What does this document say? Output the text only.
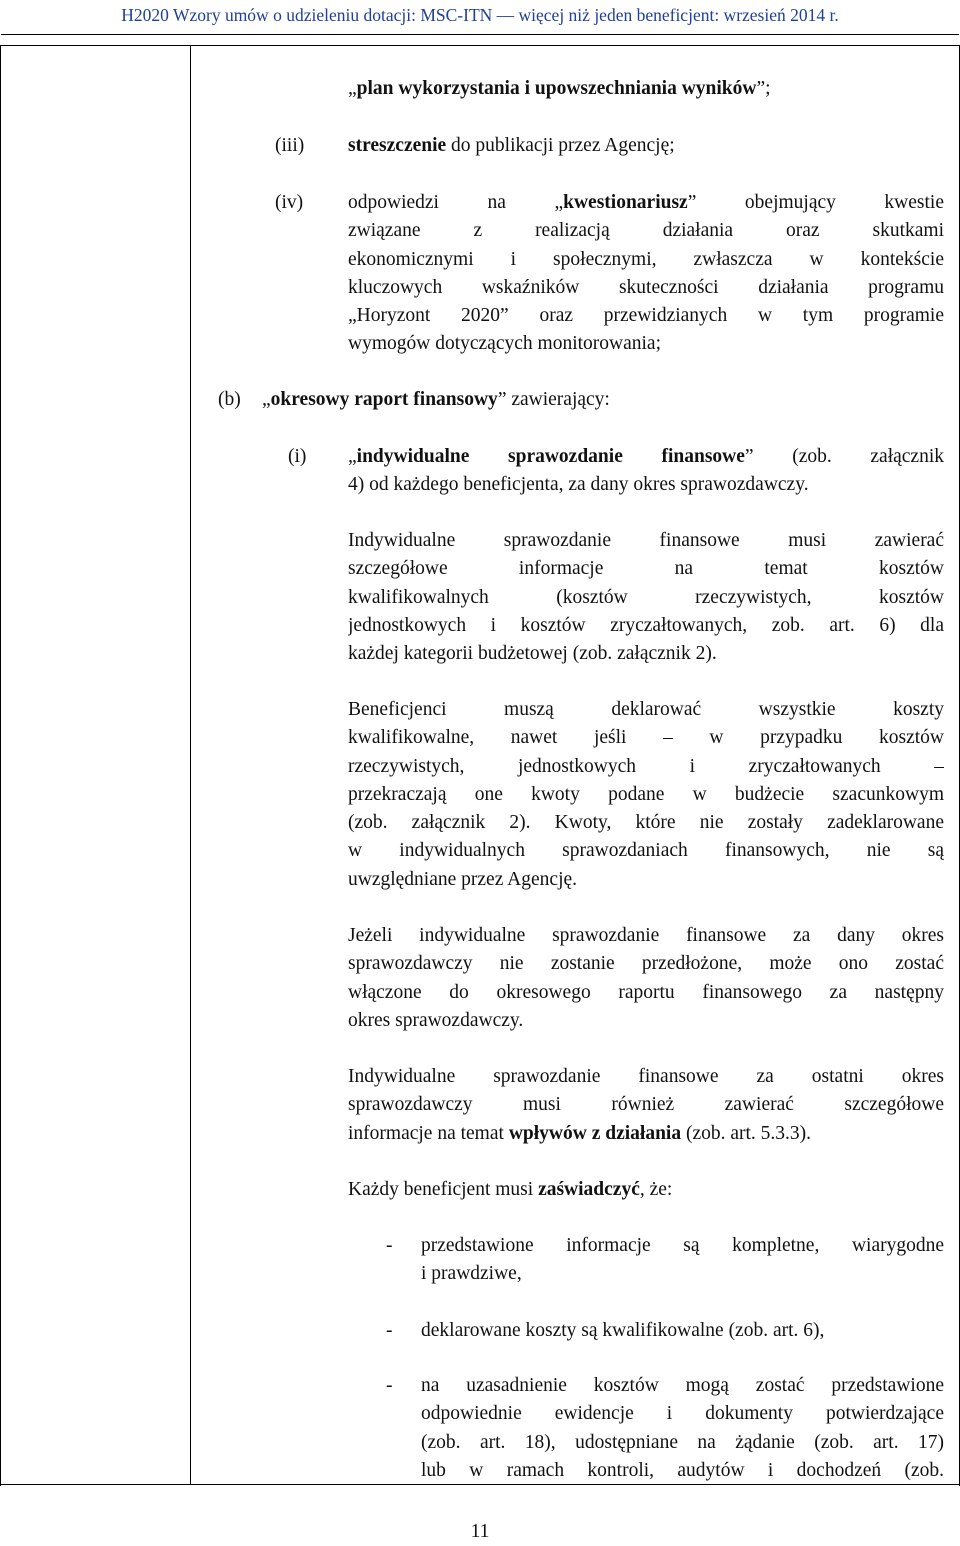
H2020 Wzory umów o udzieleniu dotacji: MSC-ITN — więcej niż jeden beneficjent: wrzesień 2014 r.
„plan wykorzystania i upowszechniania wyników”;
(iii) streszczenie do publikacji przez Agencję;
(iv) odpowiedzi na „kwestionariusz” obejmujący kwestie
związane z realizacją działania oraz skutkami
ekonomicznymi i społecznymi, zwłaszcza w kontekście
kluczowych wskaźników skuteczności działania programu
„Horyzont 2020” oraz przewidzianych w tym programie
wymogów dotyczących monitorowania;
(b) „okresowy raport finansowy” zawierający:
(i) „indywidualne sprawozdanie finansowe” (zob. załącznik
4) od każdego beneficjenta, za dany okres sprawozdawczy.
Indywidualne sprawozdanie finansowe musi zawierać
szczegółowe informacje na temat kosztów
kwalifikowalnych (kosztów rzeczywistych, kosztów
jednostkowych i kosztów zryczałtowanych, zob. art. 6) dla
każdej kategorii budżetowej (zob. załącznik 2).
Beneficjenci muszą deklarować wszystkie koszty
kwalifikowalne, nawet jeśli – w przypadku kosztów
rzeczywistych, jednostkowych i zryczałtowanych –
przekraczają one kwoty podane w budżecie szacunkowym
(zob. załącznik 2). Kwoty, które nie zostały zadeklarowane
w indywidualnych sprawozdaniach finansowych, nie są
uwzględniane przez Agencję.
Jeżeli indywidualne sprawozdanie finansowe za dany okres
sprawozdawczy nie zostanie przedłożone, może ono zostać
włączone do okresowego raportu finansowego za następny
okres sprawozdawczy.
Indywidualne sprawozdanie finansowe za ostatni okres
sprawozdawczy musi również zawierać szczegółowe
informacje na temat wpływów z działania (zob. art. 5.3.3).
Każdy beneficjent musi zaświadczyć, że:
- przedstawione informacje są kompletne, wiarygodne
i prawdziwe,
- deklarowane koszty są kwalifikowalne (zob. art. 6),
- na uzasadnienie kosztów mogą zostać przedstawione
odpowiednie ewidencje i dokumenty potwierdzające
(zob. art. 18), udostępniane na żądanie (zob. art. 17)
lub w ramach kontroli, audytów i dochodzeń (zob.
11
